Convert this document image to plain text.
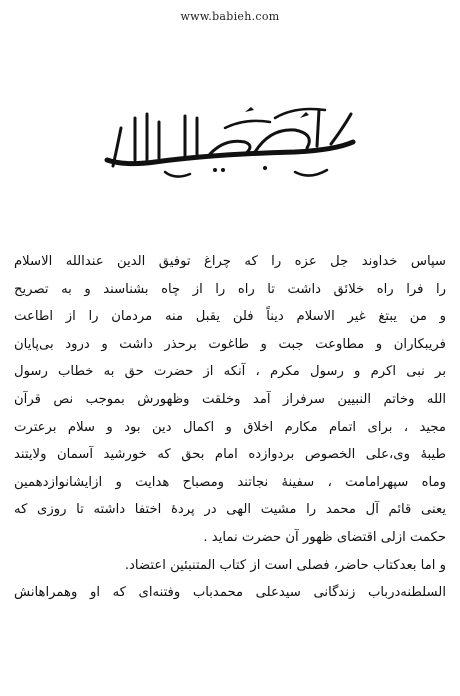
www.babieh.com
سپاس خداوند جل عزه را که چراغ توفیق الدین عندالله الاسلام
را فرا راه خلائق داشت تا راه را از چاه بشناسند و به تصریح
و من یبتغ غیر الاسلام دیناً فلن یقبل منه مردمان را از اطاعت
فریبکاران و مطاوعت جبت و طاغوت برحذر داشت و درود بی‌پایان
بر نبی اکرم و رسول مکرم ، آنکه از حضرت حق به خطاب رسول
الله وخاتم النبیین سرفراز آمد وخلقت وظهورش بموجب نص قرآن
مجید ، برای اتمام مکارم اخلاق و اکمال دین بود و سلام برعترت
طیبهٔ وی،علی الخصوص بردوازده امام بحق که خورشید آسمان ولایتند
وماه سپهرامامت ، سفینهٔ نجاتند ومصباح هدایت و ازایشانوازدهمین
یعنی قائم آل محمد را مشیت الهی در پردهٔ اختفا داشته تا روزی که
حکمت ازلی اقتضای ظهور آن حضرت نماید .
و اما بعدکتاب حاضر، فصلی است از کتاب المتنبئین اعتضاد.
السلطنه‌درباب زندگانی سیدعلی محمدباب وفتنه‌ای که او وهمراهانش
